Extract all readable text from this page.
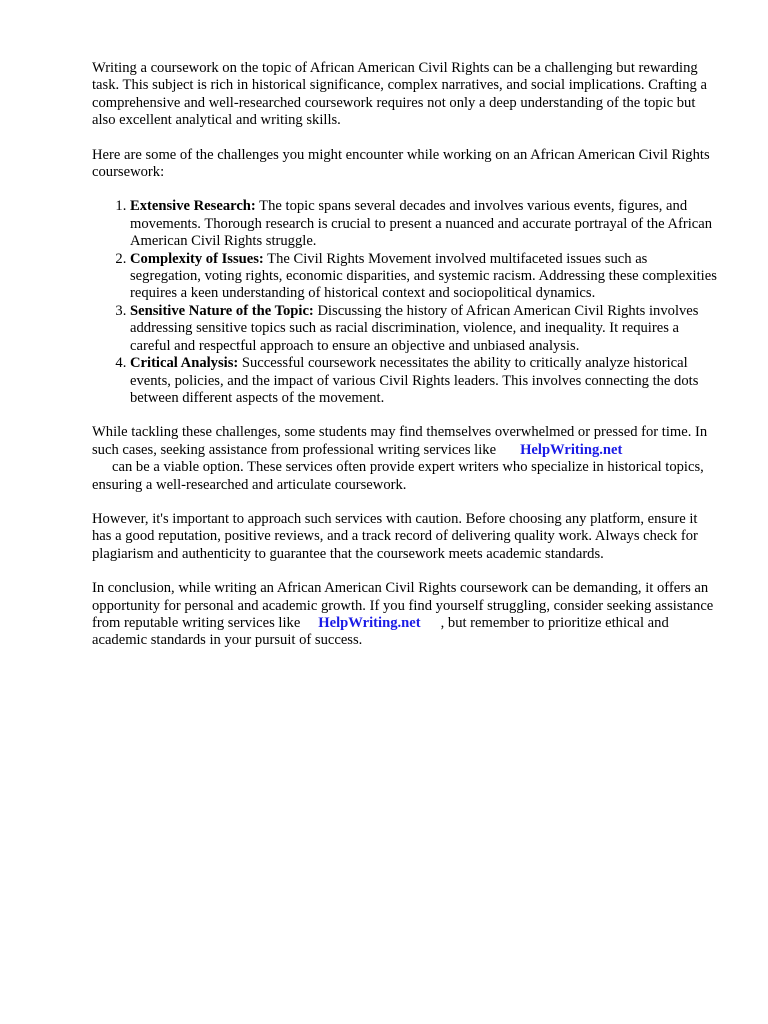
Writing a coursework on the topic of African American Civil Rights can be a challenging but rewarding task. This subject is rich in historical significance, complex narratives, and social implications. Crafting a comprehensive and well-researched coursework requires not only a deep understanding of the topic but also excellent analytical and writing skills.

Here are some of the challenges you might encounter while working on an African American Civil Rights coursework:

1. Extensive Research: The topic spans several decades and involves various events, figures, and movements. Thorough research is crucial to present a nuanced and accurate portrayal of the African American Civil Rights struggle.
2. Complexity of Issues: The Civil Rights Movement involved multifaceted issues such as segregation, voting rights, economic disparities, and systemic racism. Addressing these complexities requires a keen understanding of historical context and sociopolitical dynamics.
3. Sensitive Nature of the Topic: Discussing the history of African American Civil Rights involves addressing sensitive topics such as racial discrimination, violence, and inequality. It requires a careful and respectful approach to ensure an objective and unbiased analysis.
4. Critical Analysis: Successful coursework necessitates the ability to critically analyze historical events, policies, and the impact of various Civil Rights leaders. This involves connecting the dots between different aspects of the movement.

While tackling these challenges, some students may find themselves overwhelmed or pressed for time. In such cases, seeking assistance from professional writing services like HelpWriting.net
can be a viable option. These services often provide expert writers who specialize in historical topics, ensuring a well-researched and articulate coursework.

However, it's important to approach such services with caution. Before choosing any platform, ensure it has a good reputation, positive reviews, and a track record of delivering quality work. Always check for plagiarism and authenticity to guarantee that the coursework meets academic standards.

In conclusion, while writing an African American Civil Rights coursework can be demanding, it offers an opportunity for personal and academic growth. If you find yourself struggling, consider seeking assistance from reputable writing services like HelpWriting.net , but remember to prioritize ethical and academic standards in your pursuit of success.
